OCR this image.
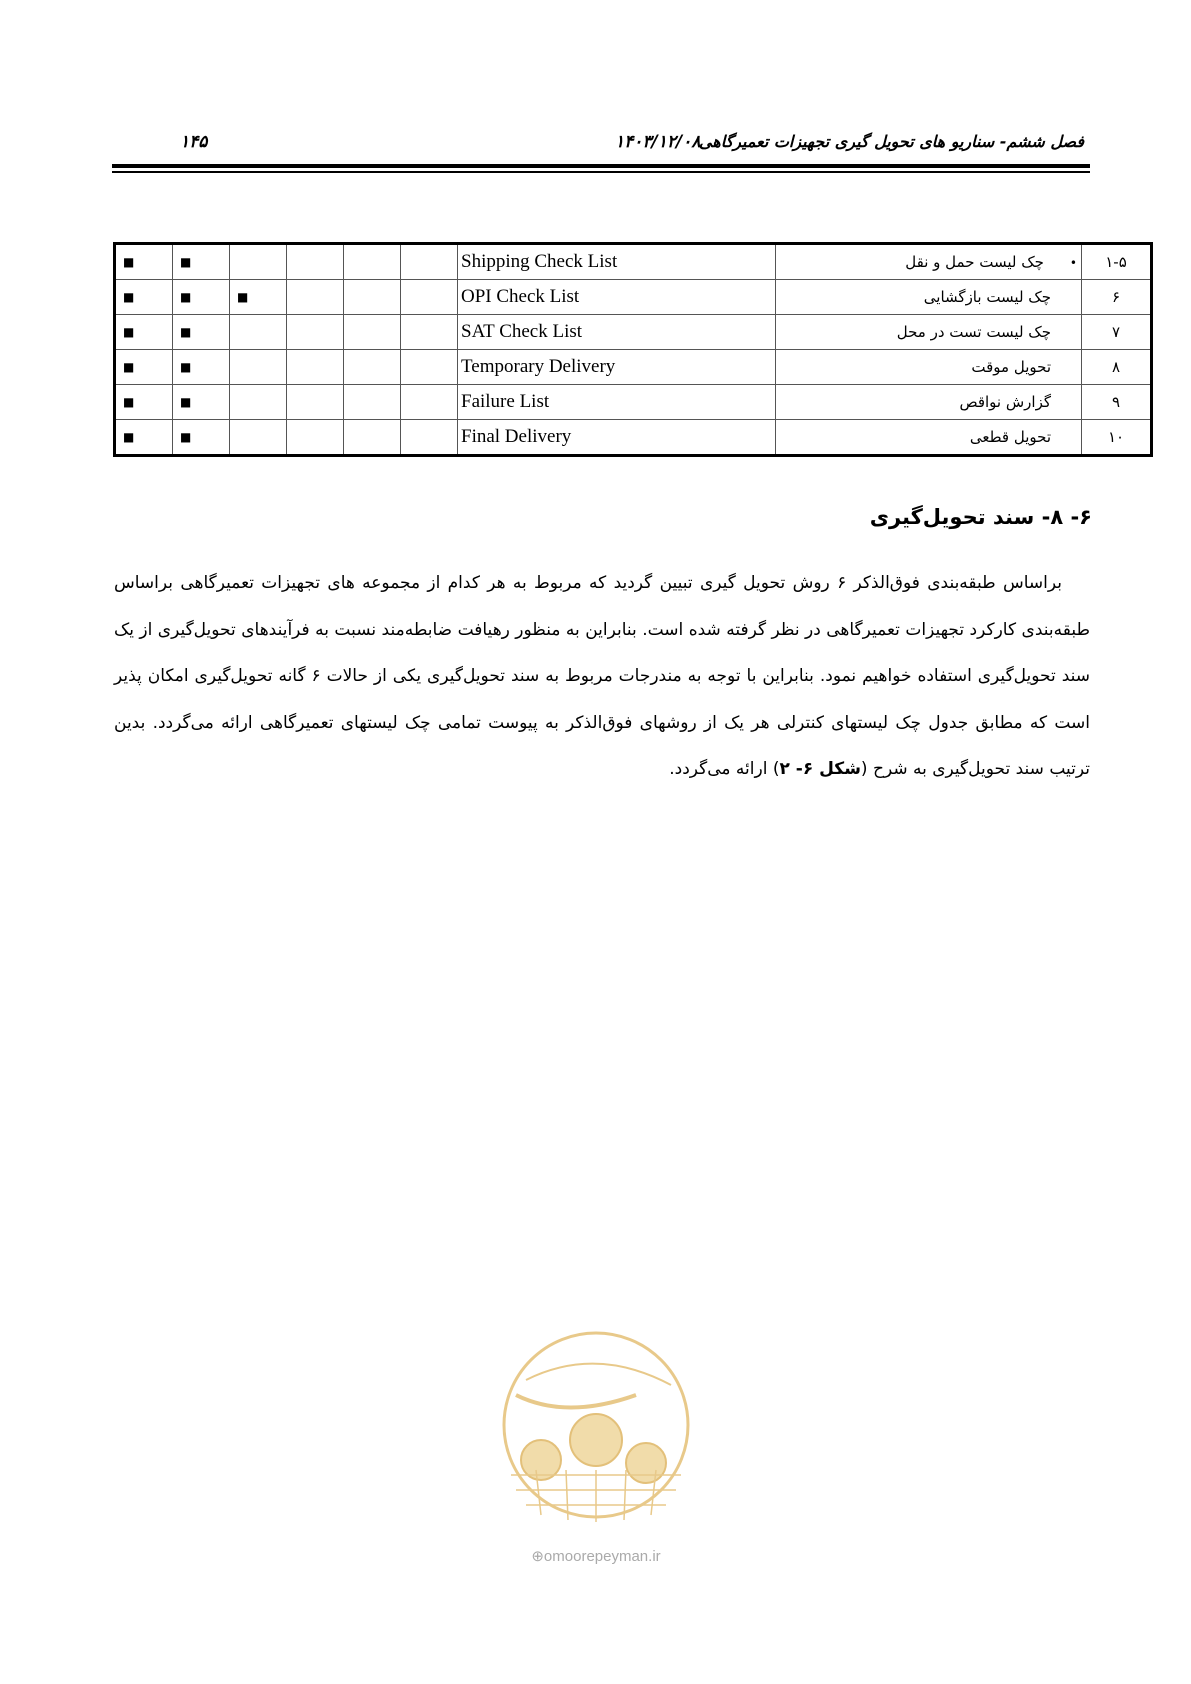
۱۴۵	۱۴۰۳/۱۲/۰۸
فصل ششم- سناریو های تحویل گیری تجهیزات تعمیرگاهی
■	■					Shipping Check List	•چک لیست حمل و نقل	۱-۵
■	■	■				OPI Check List	چک لیست بازگشایی	۶
■	■					SAT Check List	چک لیست تست در محل	۷
■	■					Temporary Delivery	تحویل موقت	۸
■	■					Failure List	گزارش نواقص	۹
■	■					Final Delivery	تحویل قطعی	۱۰
۶- ۸- سند تحویل‌گیری
براساس طبقه‌بندی فوق‌الذکر ۶ روش تحویل گیری تبیین گردید که مربوط به هر کدام از مجموعه های تجهیزات تعمیرگاهی براساس طبقه‌بندی کارکرد تجهیزات تعمیرگاهی در نظر گرفته شده است. بنابراین به منظور رهیافت ضابطه‌مند نسبت به فرآیندهای تحویل‌گیری از یک سند تحویل‌گیری استفاده خواهیم نمود. بنابراین با توجه به مندرجات مربوط به سند تحویل‌گیری یکی از حالات ۶ گانه تحویل‌گیری امکان پذیر است که مطابق جدول چک لیستهای کنترلی هر یک از روشهای فوق‌الذکر به پیوست تمامی چک لیستهای تعمیرگاهی ارائه می‌گردد. بدین ترتیب سند تحویل‌گیری به شرح (شکل ۶- ۲) ارائه می‌گردد.
⊕omoorepeyman.ir
